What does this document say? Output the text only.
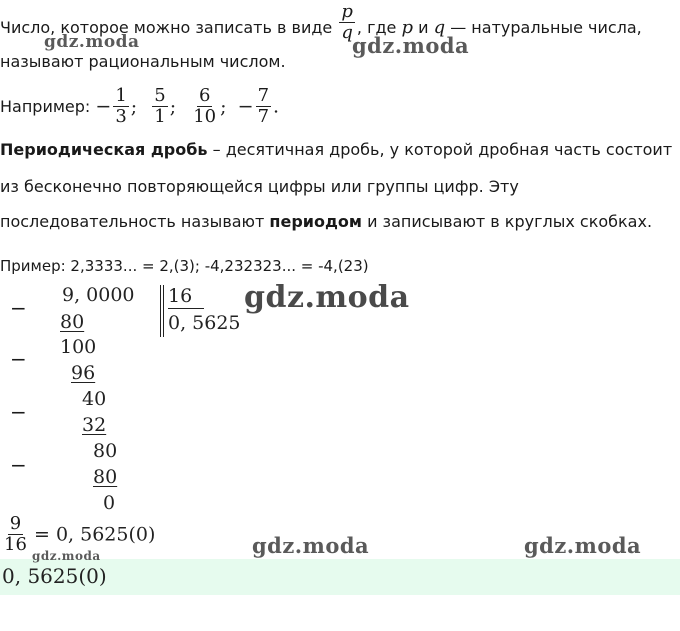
Число, которое можно записать в виде $\frac{p}{q}$ , где p и q — натуральные числа,
называют рациональным числом.
Например: − $\frac{1}{3}$ ; $\frac{5}{1}$ ; $\frac{6}{10}$ ; − $\frac{7}{7}$ .
Периодическая дробь – десятичная дробь, у которой дробная часть состоит
из бесконечно повторяющейся цифры или группы цифр. Эту
последовательность называют периодом и записывают в круглых скобках.
Пример: 2,3333... = 2,(3); -4,232323... = -4,(23)
−
9, 0000
80
16
0, 5625
− 100
96
−
40
32
−
80
80
0
$\frac{9}{16} = 0$, 5625(0)
0, 5625(0)
gdz.moda	gdz.moda
gdz.moda
gdz.moda	gdz.moda
gdz.moda
